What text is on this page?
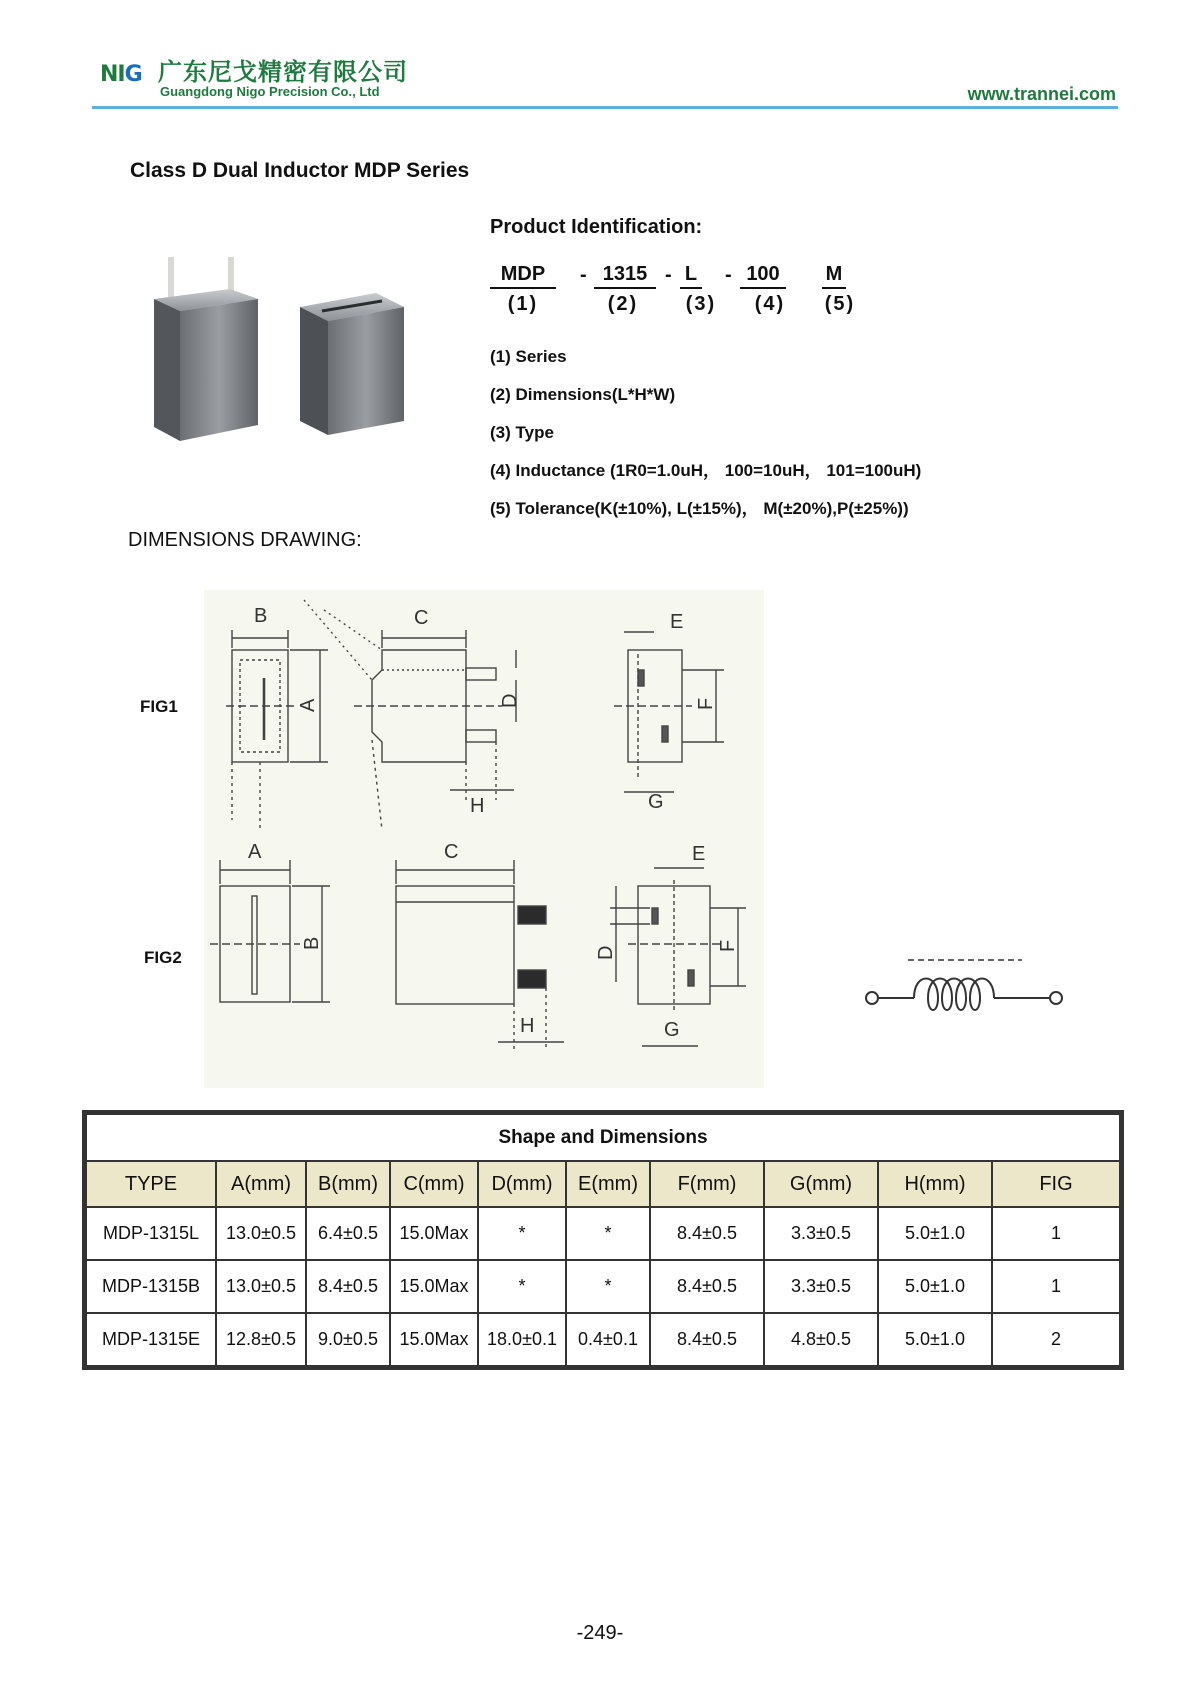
NIG 广东尼戈精密有限公司
Guangdong Nigo Precision Co., Ltd	www.trannei.com
Class D Dual Inductor MDP Series
Product Identification:
MDP	- 1315 - L - 100	M
(1)	(2)	(3)	(4)	(5)
(1) Series
(2) Dimensions(L*H*W)
(3) Type
(4) Inductance (1R0=1.0uH， 100=10uH， 101=100uH)
(5) Tolerance(K(±10%), L(±15%)， M(±20%),P(±25%))
DIMENSIONS DRAWING:
FIG1
FIG2
B
A
C
D
H
E
F
G
A
B
C
H
E
D	F
G
Shape and Dimensions									
TYPE	A(mm)	B(mm)	C(mm)	D(mm)	E(mm)	F(mm)	G(mm)	H(mm)	FIG
MDP-1315L	13.0±0.5	6.4±0.5	15.0Max	*	*	8.4±0.5	3.3±0.5	5.0±1.0	1
MDP-1315B	13.0±0.5	8.4±0.5	15.0Max	*	*	8.4±0.5	3.3±0.5	5.0±1.0	1
MDP-1315E	12.8±0.5	9.0±0.5	15.0Max	18.0±0.1	0.4±0.1	8.4±0.5	4.8±0.5	5.0±1.0	2
-249-
